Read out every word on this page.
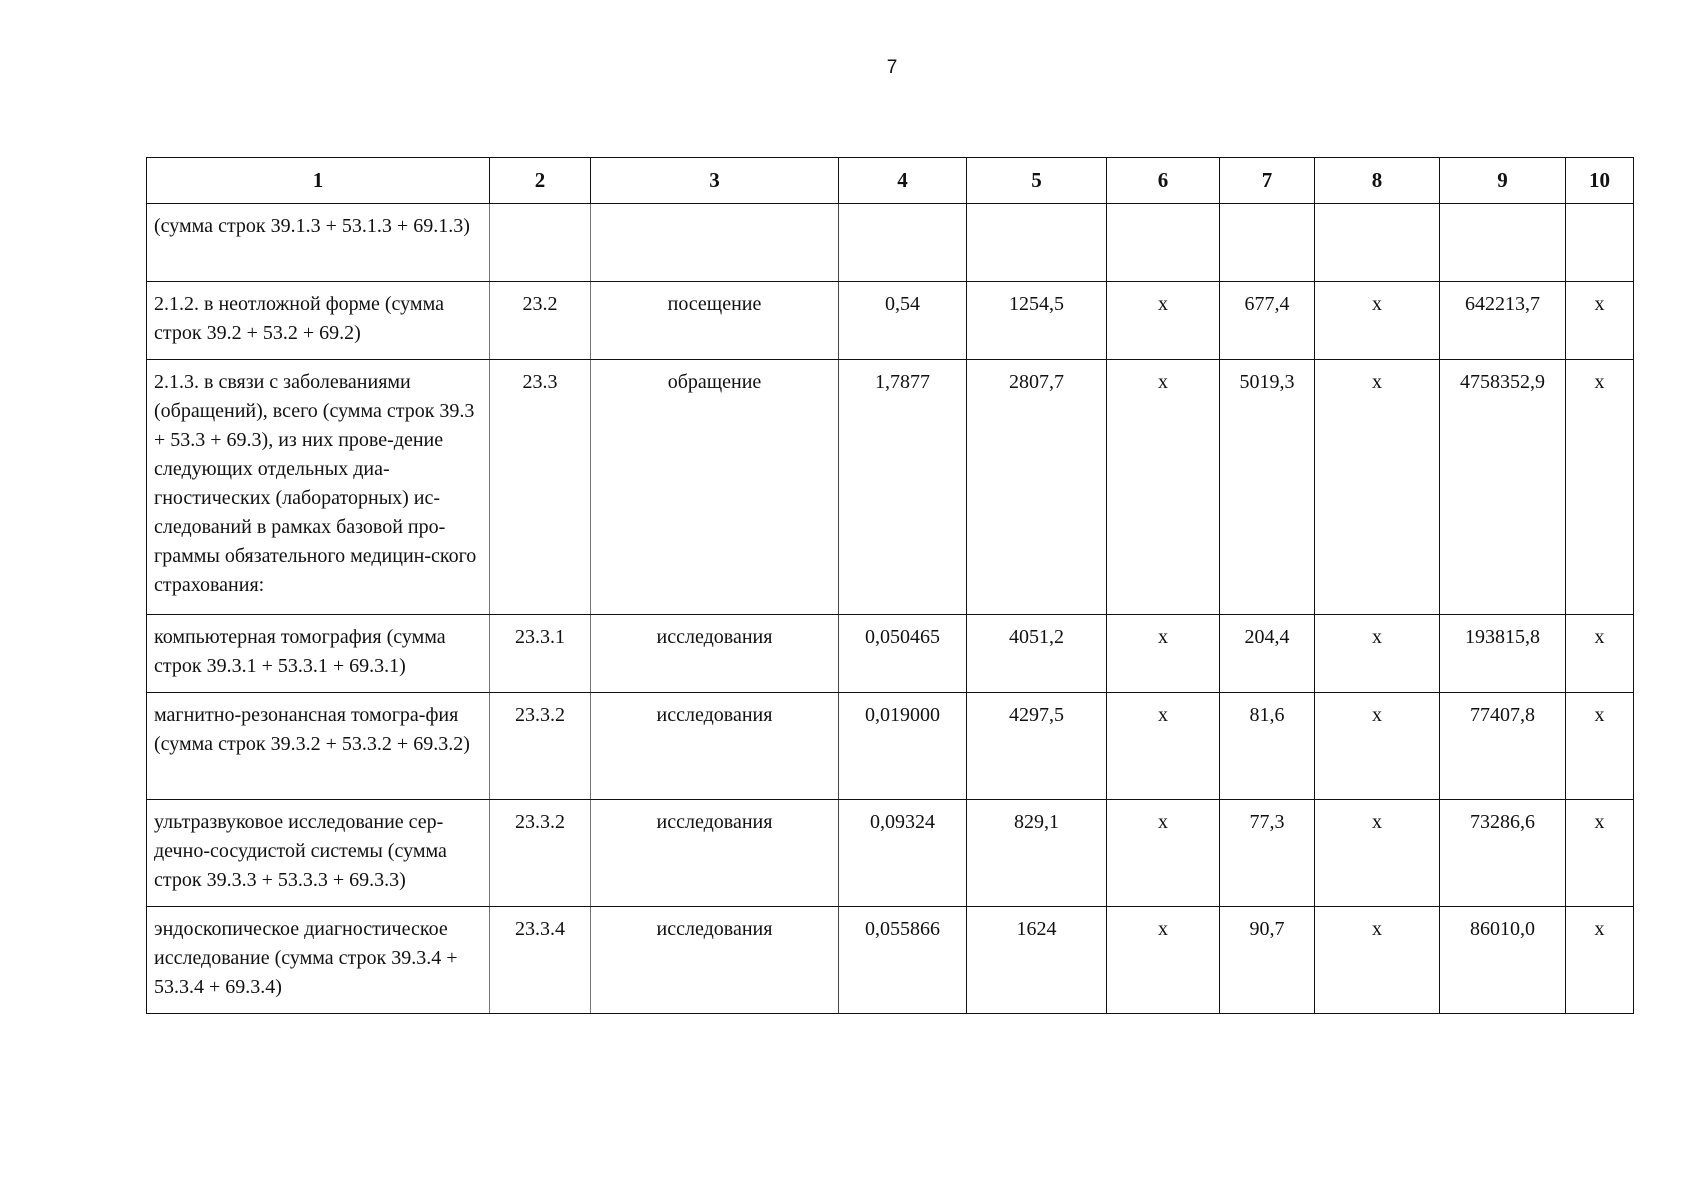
7
1	2	3	4	5	6	7	8	9	10
(сумма строк 39.1.3 + 53.1.3 + 69.1.3)									
2.1.2. в неотложной форме (сумма строк 39.2 + 53.2 + 69.2)	23.2	посещение	0,54	1254,5	х	677,4	х	642213,7	х
2.1.3. в связи с заболеваниями (обращений), всего (сумма строк 39.3 + 53.3 + 69.3), из них прове-дение следующих отдельных диа-гностических (лабораторных) ис-следований в рамках базовой про-граммы обязательного медицин-ского страхования:	23.3	обращение	1,7877	2807,7	х	5019,3	х	4758352,9	х
компьютерная томография (сумма строк 39.3.1 + 53.3.1 + 69.3.1)	23.3.1	исследования	0,050465	4051,2	х	204,4	х	193815,8	х
магнитно-резонансная томогра-фия (сумма строк 39.3.2 + 53.3.2 + 69.3.2)	23.3.2	исследования	0,019000	4297,5	х	81,6	х	77407,8	х
ультразвуковое исследование сер-дечно-сосудистой системы (сумма строк 39.3.3 + 53.3.3 + 69.3.3)	23.3.2	исследования	0,09324	829,1	х	77,3	х	73286,6	х
эндоскопическое диагностическое исследование (сумма строк 39.3.4 + 53.3.4 + 69.3.4)	23.3.4	исследования	0,055866	1624	х	90,7	х	86010,0	х
